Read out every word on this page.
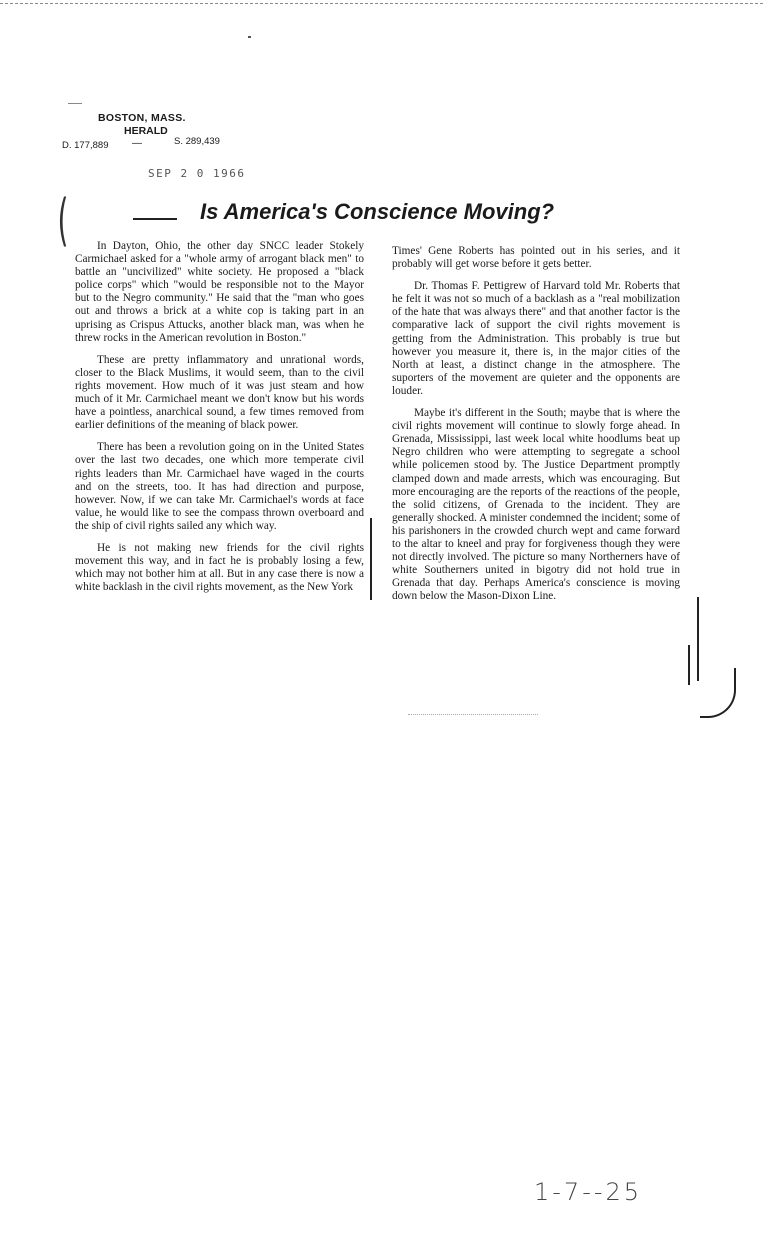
BOSTON, MASS.
HERALD
D. 177,889 —	S. 289,439
SEP 2 0 1966
(	Is America's Conscience Moving?

In Dayton, Ohio, the other day SNCC leader Stokely Carmichael asked for a "whole army of arrogant black men" to battle an "uncivilized" white society. He proposed a "black police corps" which "would be responsible not to the Mayor but to the Negro community." He said that the "man who goes out and throws a brick at a white cop is taking part in an uprising as Crispus Attucks, another black man, was when he threw rocks in the American revolution in Boston."

These are pretty inflammatory and unrational words, closer to the Black Muslims, it would seem, than to the civil rights movement. How much of it was just steam and how much of it Mr. Carmichael meant we don't know but his words have a pointless, anarchical sound, a few times removed from earlier definitions of the meaning of black power.

There has been a revolution going on in the United States over the last two decades, one which more temperate civil rights leaders than Mr. Carmichael have waged in the courts and on the streets, too. It has had direction and purpose, however. Now, if we can take Mr. Carmichael's words at face value, he would like to see the compass thrown overboard and the ship of civil rights sailed any which way.

He is not making new friends for the civil rights movement this way, and in fact he is probably losing a few, which may not bother him at all. But in any case there is now a white backlash in the civil rights movement, as the New York

Times' Gene Roberts has pointed out in his series, and it probably will get worse before it gets better.

Dr. Thomas F. Pettigrew of Harvard told Mr. Roberts that he felt it was not so much of a backlash as a "real mobilization of the hate that was always there" and that another factor is the comparative lack of support the civil rights movement is getting from the Administration. This probably is true but however you measure it, there is, in the major cities of the North at least, a distinct change in the atmosphere. The suporters of the movement are quieter and the opponents are louder.

Maybe it's different in the South; maybe that is where the civil rights movement will continue to slowly forge ahead. In Grenada, Mississippi, last week local white hoodlums beat up Negro children who were attempting to segregate a school while policemen stood by. The Justice Department promptly clamped down and made arrests, which was encouraging. But more encouraging are the reports of the reactions of the people, the solid citizens, of Grenada to the incident. They are generally shocked. A minister condemned the incident; some of his parishoners in the crowded church wept and came forward to the altar to kneel and pray for forgiveness though they were not directly involved. The picture so many Northerners have of white Southerners united in bigotry did not hold true in Grenada that day. Perhaps America's conscience is moving down below the Mason-Dixon Line.

1-7--25
